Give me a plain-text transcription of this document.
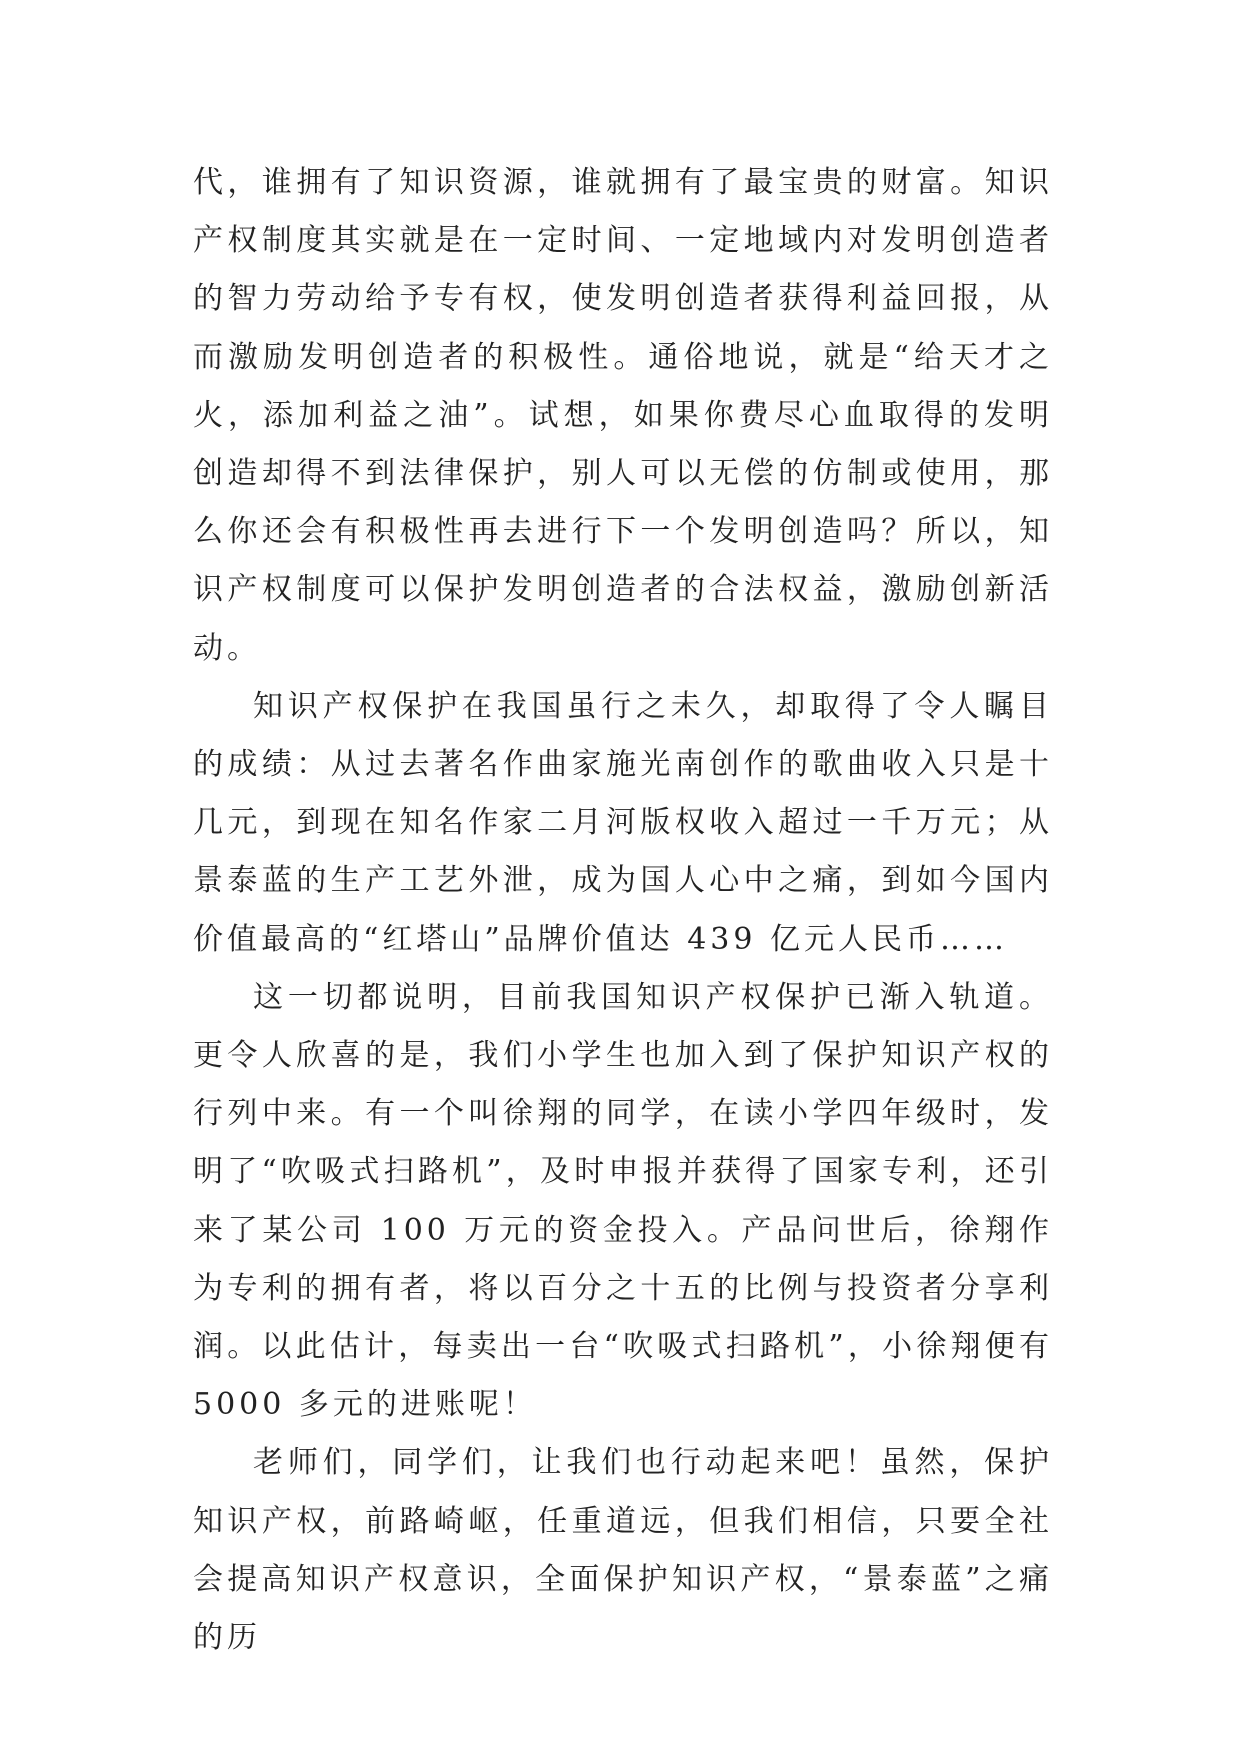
代，谁拥有了知识资源，谁就拥有了最宝贵的财富。知识产权制度其实就是在一定时间、一定地域内对发明创造者的智力劳动给予专有权，使发明创造者获得利益回报，从而激励发明创造者的积极性。通俗地说，就是“给天才之火，添加利益之油”。试想，如果你费尽心血取得的发明创造却得不到法律保护，别人可以无偿的仿制或使用，那么你还会有积极性再去进行下一个发明创造吗？所以，知识产权制度可以保护发明创造者的合法权益，激励创新活动。

知识产权保护在我国虽行之未久，却取得了令人瞩目的成绩：从过去著名作曲家施光南创作的歌曲收入只是十几元，到现在知名作家二月河版权收入超过一千万元；从景泰蓝的生产工艺外泄，成为国人心中之痛，到如今国内价值最高的“红塔山”品牌价值达 439 亿元人民币……

这一切都说明，目前我国知识产权保护已渐入轨道。更令人欣喜的是，我们小学生也加入到了保护知识产权的行列中来。有一个叫徐翔的同学，在读小学四年级时，发明了“吹吸式扫路机”，及时申报并获得了国家专利，还引来了某公司 100 万元的资金投入。产品问世后，徐翔作为专利的拥有者，将以百分之十五的比例与投资者分享利润。以此估计，每卖出一台“吹吸式扫路机”，小徐翔便有 5000 多元的进账呢！

老师们，同学们，让我们也行动起来吧！虽然，保护知识产权，前路崎岖，任重道远，但我们相信，只要全社会提高知识产权意识，全面保护知识产权，“景泰蓝”之痛的历
